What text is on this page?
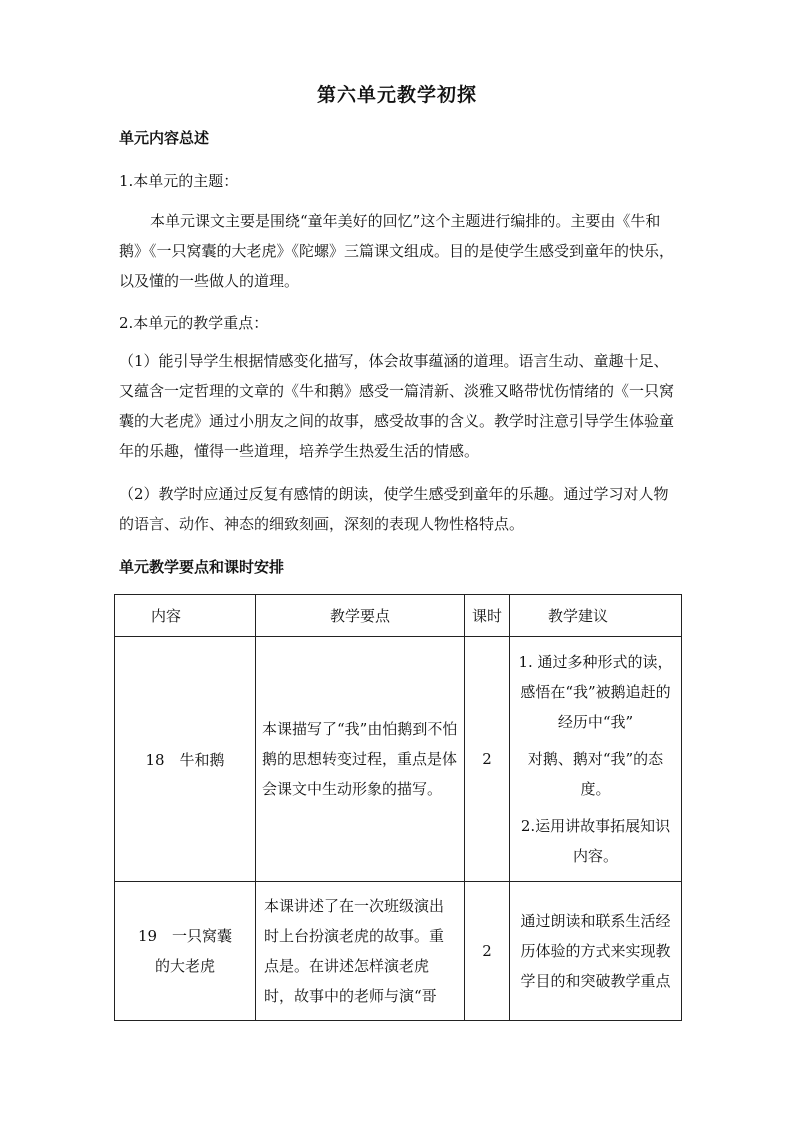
第六单元教学初探
单元内容总述
1.本单元的主题：
本单元课文主要是围绕“童年美好的回忆”这个主题进行编排的。主要由《牛和鹅》《一只窝囊的大老虎》《陀螺》三篇课文组成。目的是使学生感受到童年的快乐，以及懂的一些做人的道理。
2.本单元的教学重点：
（1）能引导学生根据情感变化描写，体会故事蕴涵的道理。语言生动、童趣十足、又蕴含一定哲理的文章的《牛和鹅》感受一篇清新、淡雅又略带忧伤情绪的《一只窝囊的大老虎》通过小朋友之间的故事，感受故事的含义。教学时注意引导学生体验童年的乐趣，懂得一些道理，培养学生热爱生活的情感。
（2）教学时应通过反复有感情的朗读，使学生感受到童年的乐趣。通过学习对人物的语言、动作、神态的细致刻画，深刻的表现人物性格特点。
单元教学要点和课时安排
内容	教学要点	课时	教学建议
18　牛和鹅	本课描写了“我”由怕鹅到不怕鹅的思想转变过程，重点是体会课文中生动形象的描写。	2	1. 通过多种形式的读，感悟在“我”被鹅追赶的经历中“我”

对鹅、鹅对“我”的态度。

2.运用讲故事拓展知识内容。

19　一只窝囊的大老虎	本课讲述了在一次班级演出时上台扮演老虎的故事。重点是。在讲述怎样演老虎时，故事中的老师与演“哥	2	通过朗读和联系生活经历体验的方式来实现教学目的和突破教学重点
